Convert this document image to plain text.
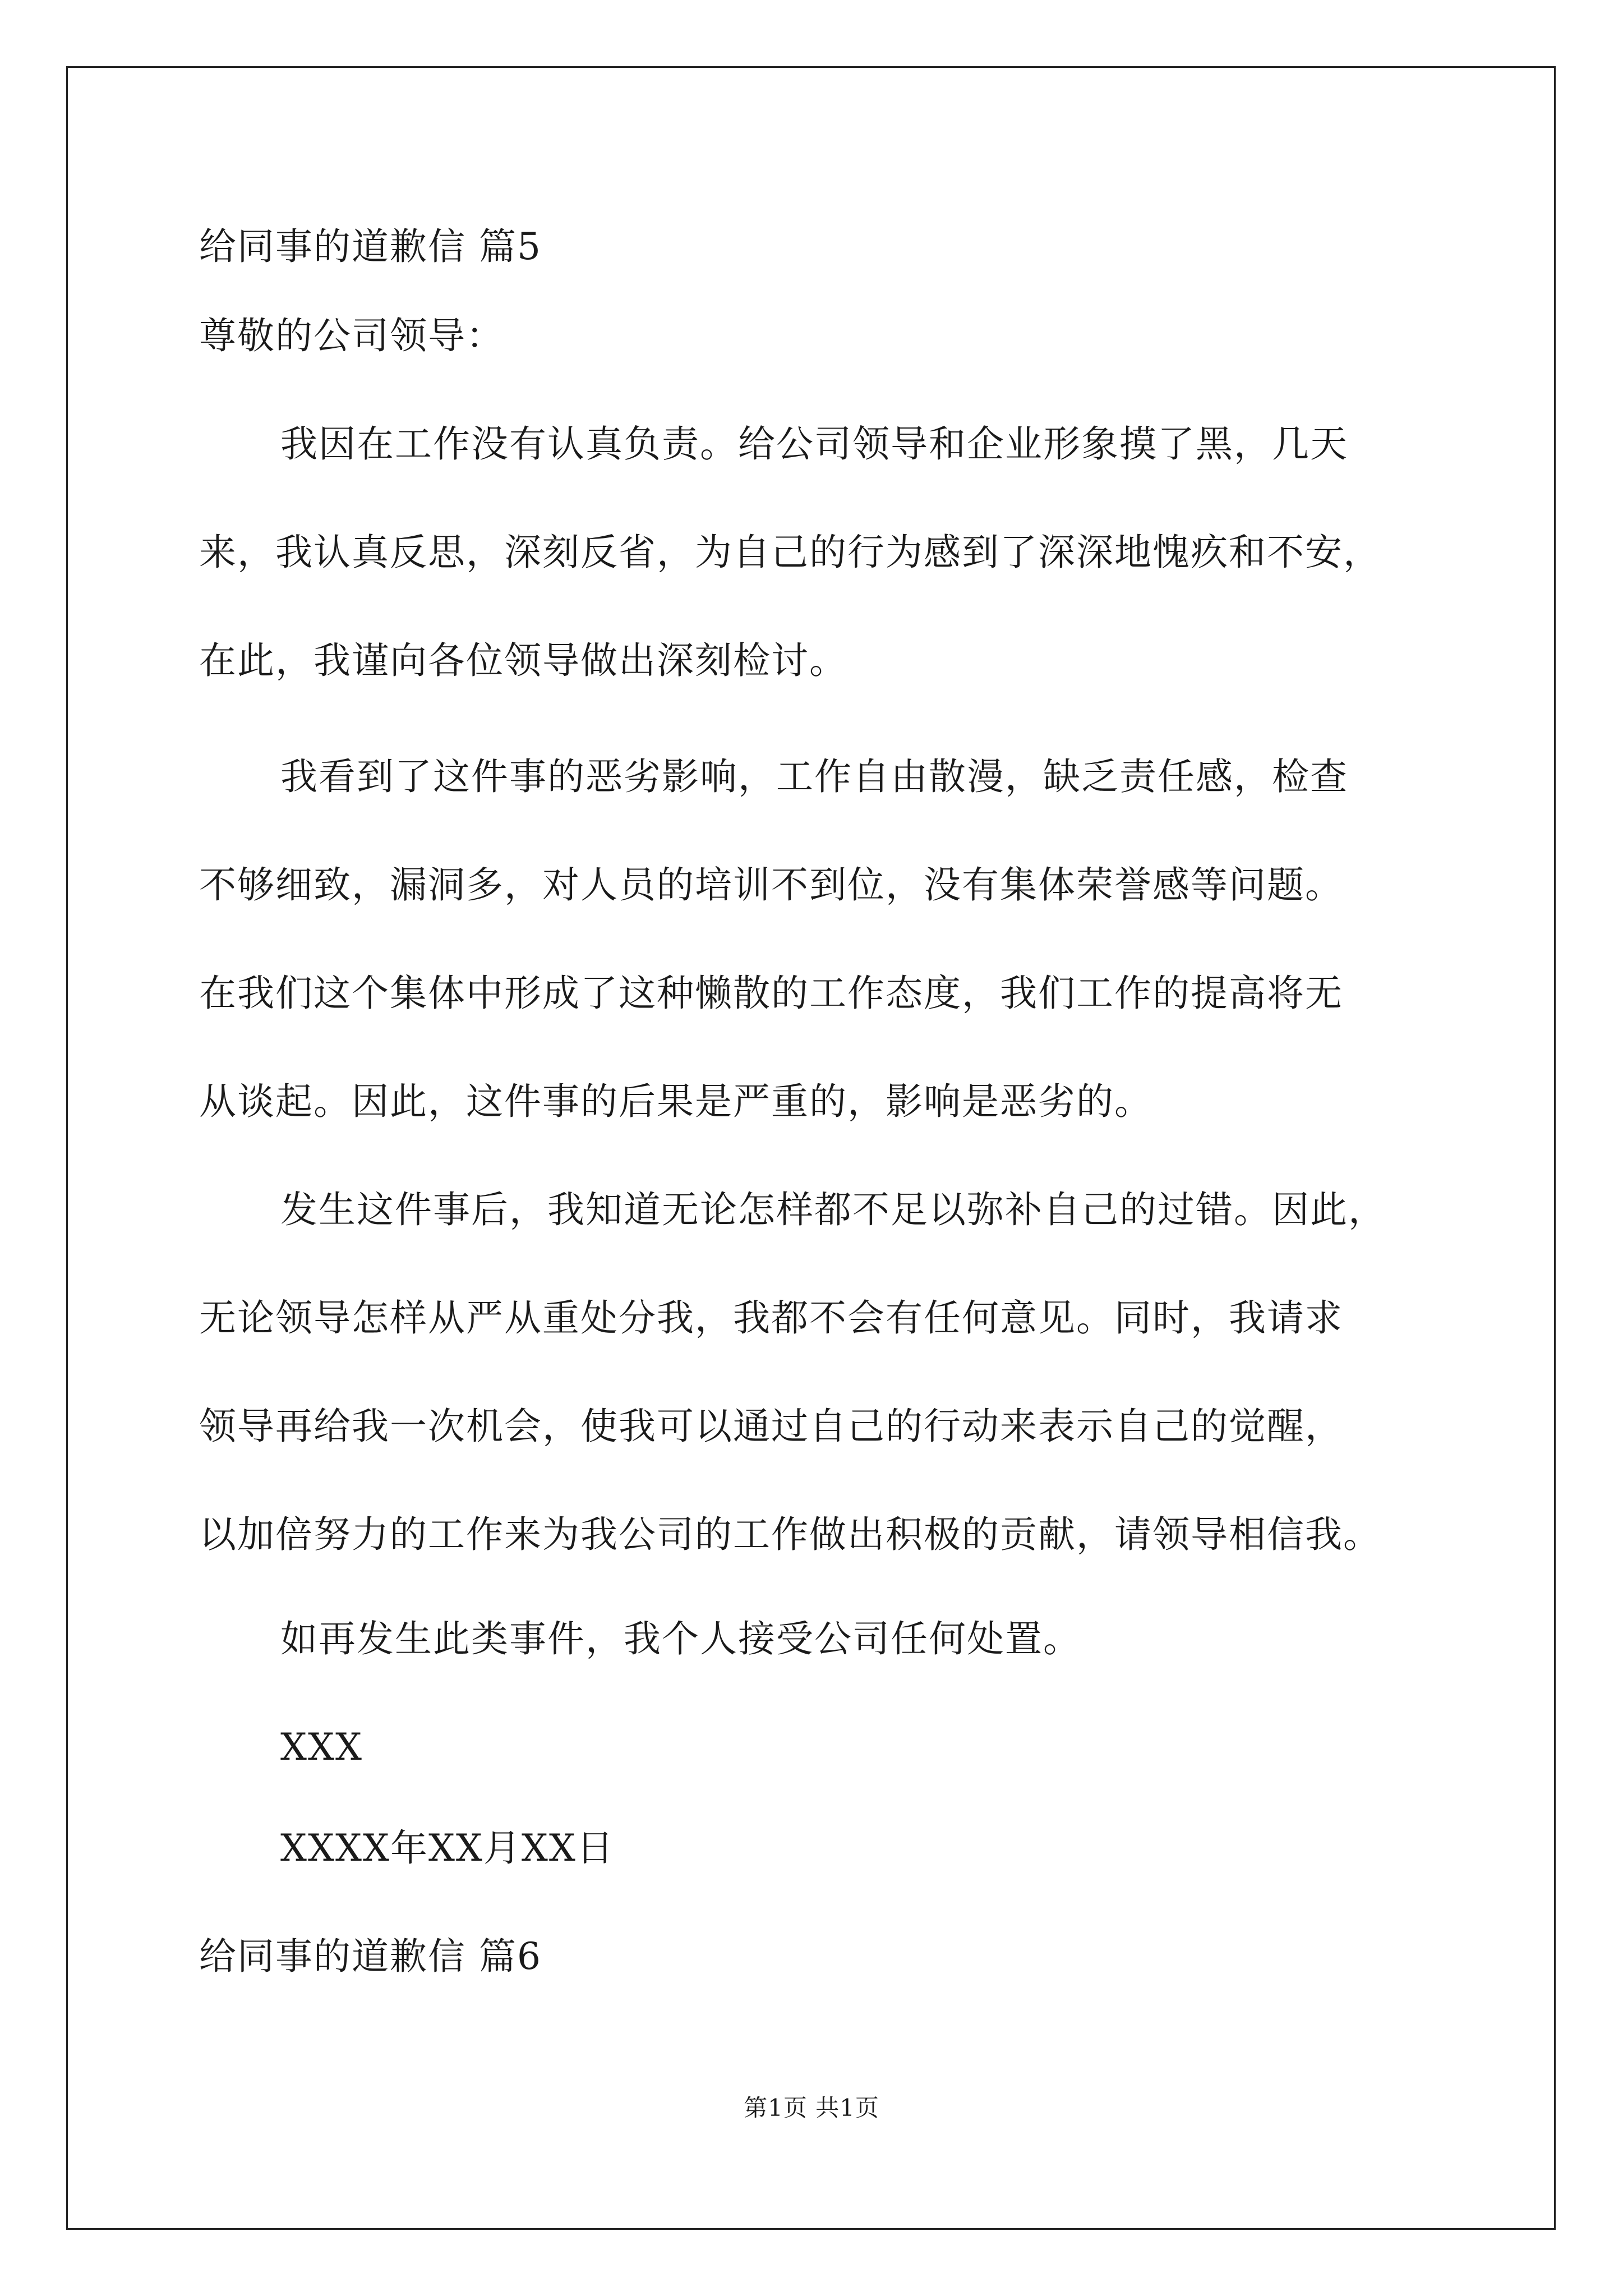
给同事的道歉信 篇5
尊敬的公司领导：
我因在工作没有认真负责。给公司领导和企业形象摸了黑，几天
来，我认真反思，深刻反省，为自己的行为感到了深深地愧疚和不安，
在此，我谨向各位领导做出深刻检讨。
我看到了这件事的恶劣影响，工作自由散漫，缺乏责任感，检查
不够细致，漏洞多，对人员的培训不到位，没有集体荣誉感等问题。
在我们这个集体中形成了这种懒散的工作态度，我们工作的提高将无
从谈起。因此，这件事的后果是严重的，影响是恶劣的。
发生这件事后，我知道无论怎样都不足以弥补自己的过错。因此，
无论领导怎样从严从重处分我，我都不会有任何意见。同时，我请求
领导再给我一次机会，使我可以通过自己的行动来表示自己的觉醒，
以加倍努力的工作来为我公司的工作做出积极的贡献，请领导相信我。
如再发生此类事件，我个人接受公司任何处置。
XXX
XXXX年XX月XX日
给同事的道歉信 篇6
第1页 共1页
